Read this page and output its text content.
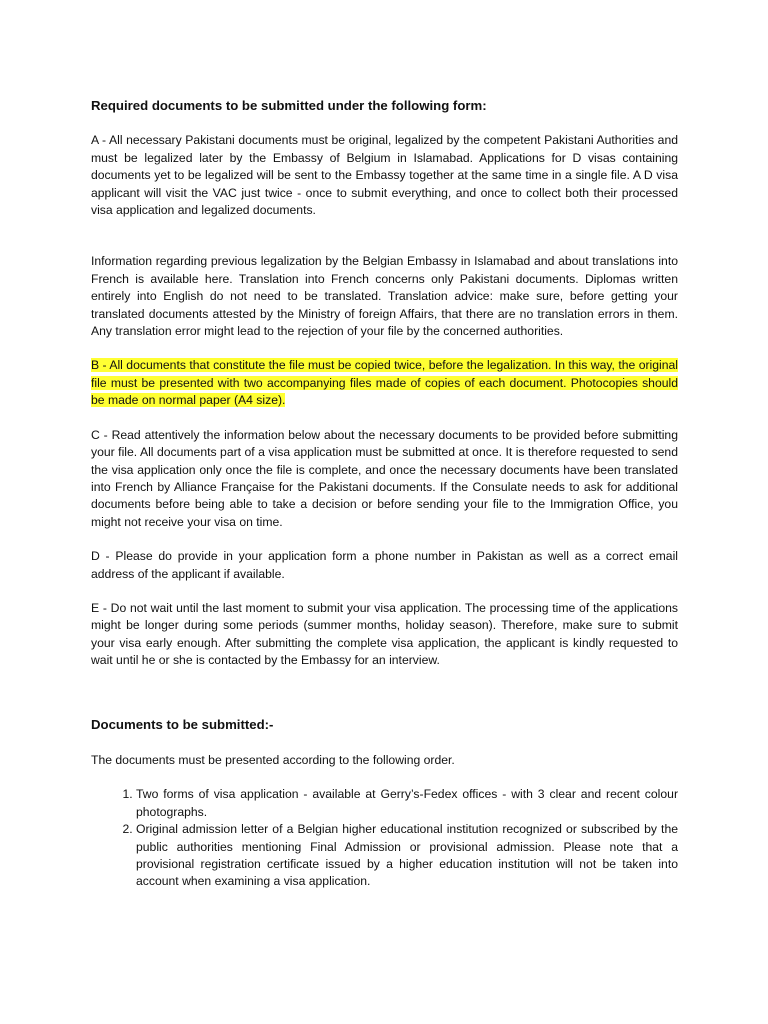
Required documents to be submitted under the following form:

A - All necessary Pakistani documents must be original, legalized by the competent Pakistani Authorities and must be legalized later by the Embassy of Belgium in Islamabad. Applications for D visas containing documents yet to be legalized will be sent to the Embassy together at the same time in a single file. A D visa applicant will visit the VAC just twice - once to submit everything, and once to collect both their processed visa application and legalized documents.

Information regarding previous legalization by the Belgian Embassy in Islamabad and about translations into French is available here. Translation into French concerns only Pakistani documents. Diplomas written entirely into English do not need to be translated. Translation advice: make sure, before getting your translated documents attested by the Ministry of foreign Affairs, that there are no translation errors in them. Any translation error might lead to the rejection of your file by the concerned authorities.

B - All documents that constitute the file must be copied twice, before the legalization. In this way, the original file must be presented with two accompanying files made of copies of each document. Photocopies should be made on normal paper (A4 size).

C - Read attentively the information below about the necessary documents to be provided before submitting your file. All documents part of a visa application must be submitted at once. It is therefore requested to send the visa application only once the file is complete, and once the necessary documents have been translated into French by Alliance Française for the Pakistani documents. If the Consulate needs to ask for additional documents before being able to take a decision or before sending your file to the Immigration Office, you might not receive your visa on time.

D - Please do provide in your application form a phone number in Pakistan as well as a correct email address of the applicant if available.

E - Do not wait until the last moment to submit your visa application. The processing time of the applications might be longer during some periods (summer months, holiday season). Therefore, make sure to submit your visa early enough. After submitting the complete visa application, the applicant is kindly requested to wait until he or she is contacted by the Embassy for an interview.

Documents to be submitted:-

The documents must be presented according to the following order.

1. Two forms of visa application - available at Gerry’s-Fedex offices - with 3 clear and recent colour photographs.
2. Original admission letter of a Belgian higher educational institution recognized or subscribed by the public authorities mentioning Final Admission or provisional admission. Please note that a provisional registration certificate issued by a higher education institution will not be taken into account when examining a visa application.
